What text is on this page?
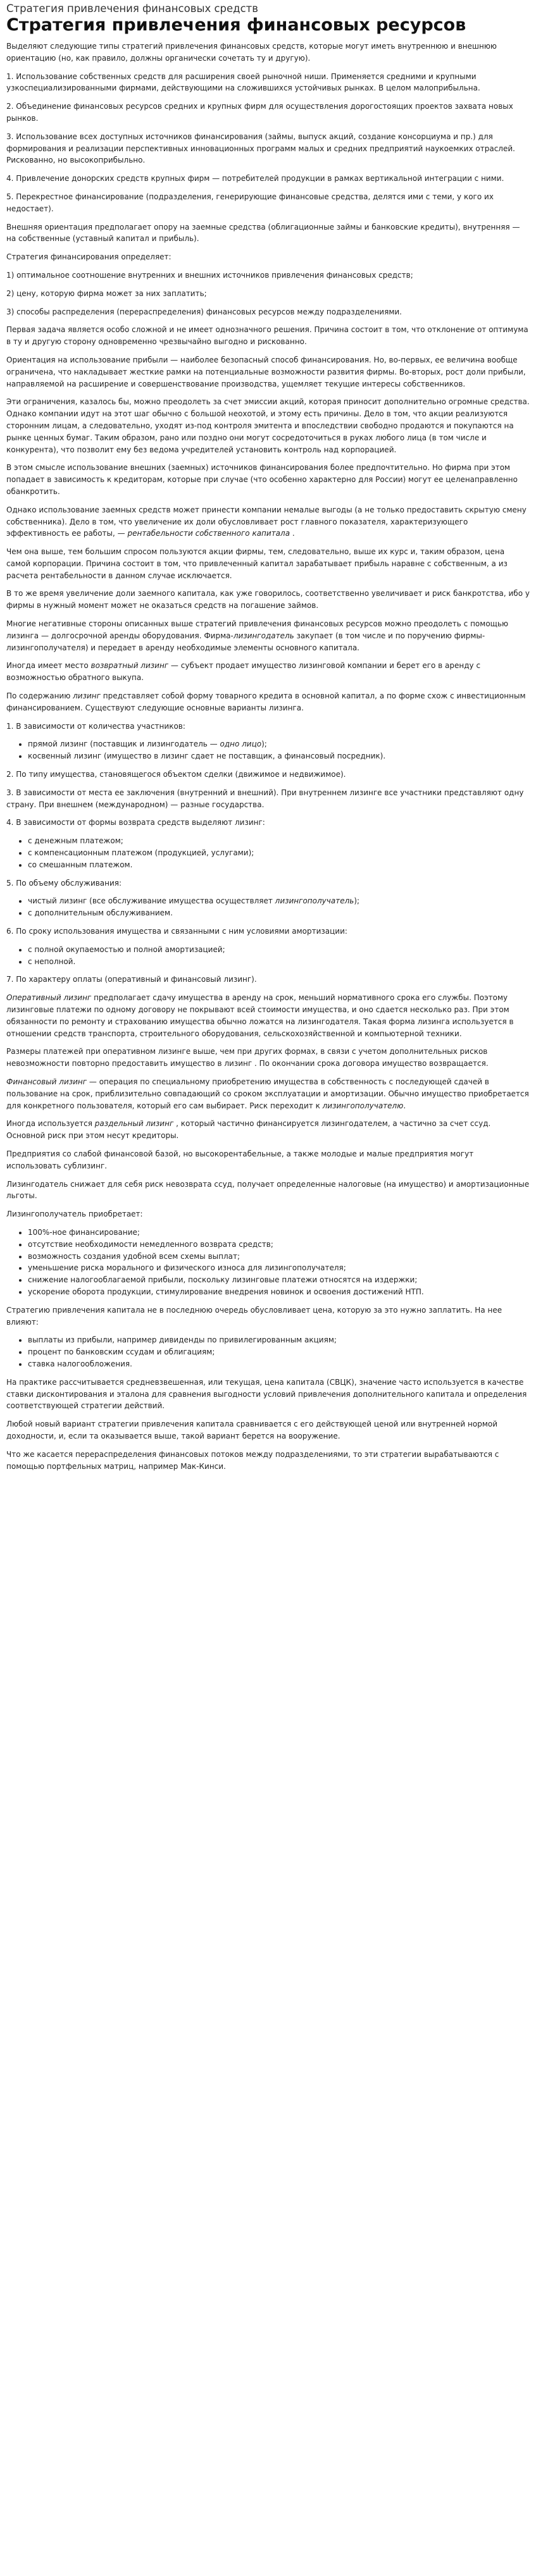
Стратегия привлечения финансовых средств
Стратегия привлечения финансовых ресурсов

Выделяют следующие типы стратегий привлечения финансовых средств, которые могут иметь внутреннюю и внешнюю ориентацию (но, как правило, должны органически сочетать ту и другую).

1. Использование собственных средств для расширения своей рыночной ниши. Применяется средними и крупными узкоспециализированными фирмами, действующими на сложившихся устойчивых рынках. В целом малоприбыльна.

2. Объединение финансовых ресурсов средних и крупных фирм для осуществления дорогостоящих проектов захвата новых рынков.

3. Использование всех доступных источников финансирования (займы, выпуск акций, создание консорциума и пр.) для формирования и реализации перспективных инновационных программ малых и средних предприятий наукоемких отраслей. Рискованно, но высокоприбыльно.

4. Привлечение донорских средств крупных фирм — потребителей продукции в рамках вертикальной интеграции с ними.

5. Перекрестное финансирование (подразделения, генерирующие финансовые средства, делятся ими с теми, у кого их недостает).

Внешняя ориентация предполагает опору на заемные средства (облигационные займы и банковские кредиты), внутренняя — на собственные (уставный капитал и прибыль).

Стратегия финансирования определяет:

1) оптимальное соотношение внутренних и внешних источников привлечения финансовых средств;

2) цену, которую фирма может за них заплатить;

3) способы распределения (перераспределения) финансовых ресурсов между подразделениями.

Первая задача является особо сложной и не имеет однозначного решения. Причина состоит в том, что отклонение от оптимума в ту и другую сторону одновременно чрезвычайно выгодно и рискованно.

Ориентация на использование прибыли — наиболее безопасный способ финансирования. Но, во-первых, ее величина вообще ограничена, что накладывает жесткие рамки на потенциальные возможности развития фирмы. Во-вторых, рост доли прибыли, направляемой на расширение и совершенствование производства, ущемляет текущие интересы собственников.

Эти ограничения, казалось бы, можно преодолеть за счет эмиссии акций, которая приносит дополнительно огромные средства. Однако компании идут на этот шаг обычно с большой неохотой, и этому есть причины. Дело в том, что акции реализуются сторонним лицам, а следовательно, уходят из-под контроля эмитента и впоследствии свободно продаются и покупаются на рынке ценных бумаг. Таким образом, рано или поздно они могут сосредоточиться в руках любого лица (в том числе и конкурента), что позволит ему без ведома учредителей установить контроль над корпорацией.

В этом смысле использование внешних (заемных) источников финансирования более предпочтительно. Но фирма при этом попадает в зависимость к кредиторам, которые при случае (что особенно характерно для России) могут ее целенаправленно обанкротить.

Однако использование заемных средств может принести компании немалые выгоды (а не только предоставить скрытую смену собственника). Дело в том, что увеличение их доли обусловливает рост главного показателя, характеризующего эффективность ее работы, — рентабельности собственного капитала .

Чем она выше, тем большим спросом пользуются акции фирмы, тем, следовательно, выше их курс и, таким образом, цена самой корпорации. Причина состоит в том, что привлеченный капитал зарабатывает прибыль наравне с собственным, а из расчета рентабельности в данном случае исключается.

В то же время увеличение доли заемного капитала, как уже говорилось, соответственно увеличивает и риск банкротства, ибо у фирмы в нужный момент может не оказаться средств на погашение займов.

Многие негативные стороны описанных выше стратегий привлечения финансовых ресурсов можно преодолеть с помощью лизинга — долгосрочной аренды оборудования. Фирма-лизингодатель закупает (в том числе и по поручению фирмы-лизингополучателя) и передает в аренду необходимые элементы основного капитала.

Иногда имеет место возвратный лизинг — субъект продает имущество лизинговой компании и берет его в аренду с возможностью обратного выкупа.

По содержанию лизинг представляет собой форму товарного кредита в основной капитал, а по форме схож с инвестиционным финансированием. Существуют следующие основные варианты лизинга.

1. В зависимости от количества участников:

• прямой лизинг (поставщик и лизингодатель — одно лицо);
• косвенный лизинг (имущество в лизинг сдает не поставщик, а финансовый посредник).

2. По типу имущества, становящегося объектом сделки (движимое и недвижимое).

3. В зависимости от места ее заключения (внутренний и внешний). При внутреннем лизинге все участники представляют одну страну. При внешнем (международном) — разные государства.

4. В зависимости от формы возврата средств выделяют лизинг:

• с денежным платежом;
• с компенсационным платежом (продукцией, услугами);
• со смешанным платежом.

5. По объему обслуживания:

• чистый лизинг (все обслуживание имущества осуществляет лизингополучатель);
• с дополнительным обслуживанием.

6. По сроку использования имущества и связанными с ним условиями амортизации:

• с полной окупаемостью и полной амортизацией;
• с неполной.

7. По характеру оплаты (оперативный и финансовый лизинг).

Оперативный лизинг предполагает сдачу имущества в аренду на срок, меньший нормативного срока его службы. Поэтому лизинговые платежи по одному договору не покрывают всей стоимости имущества, и оно сдается несколько раз. При этом обязанности по ремонту и страхованию имущества обычно ложатся на лизингодателя. Такая форма лизинга используется в отношении средств транспорта, строительного оборудования, сельскохозяйственной и компьютерной техники.

Размеры платежей при оперативном лизинге выше, чем при других формах, в связи с учетом дополнительных рисков невозможности повторно предоставить имущество в лизинг . По окончании срока договора имущество возвращается.

Финансовый лизинг — операция по специальному приобретению имущества в собственность с последующей сдачей в пользование на срок, приблизительно совпадающий со сроком эксплуатации и амортизации. Обычно имущество приобретается для конкретного пользователя, который его сам выбирает. Риск переходит к лизингополучателю.

Иногда используется раздельный лизинг , который частично финансируется лизингодателем, а частично за счет ссуд. Основной риск при этом несут кредиторы.

Предприятия со слабой финансовой базой, но высокорентабельные, а также молодые и малые предприятия могут использовать сублизинг.

Лизингодатель снижает для себя риск невозврата ссуд, получает определенные налоговые (на имущество) и амортизационные льготы.

Лизингополучатель приобретает:

• 100%-ное финансирование;
• отсутствие необходимости немедленного возврата средств;
• возможность создания удобной всем схемы выплат;
• уменьшение риска морального и физического износа для лизингополучателя;
• снижение налогооблагаемой прибыли, поскольку лизинговые платежи относятся на издержки;
• ускорение оборота продукции, стимулирование внедрения новинок и освоения достижений НТП.

Стратегию привлечения капитала не в последнюю очередь обусловливает цена, которую за это нужно заплатить. На нее влияют:

• выплаты из прибыли, например дивиденды по привилегированным акциям;
• процент по банковским ссудам и облигациям;
• ставка налогообложения.

На практике рассчитывается средневзвешенная, или текущая, цена капитала (СВЦК), значение часто используется в качестве ставки дисконтирования и эталона для сравнения выгодности условий привлечения дополнительного капитала и определения соответствующей стратегии действий.

Любой новый вариант стратегии привлечения капитала сравнивается с его действующей ценой или внутренней нормой доходности, и, если та оказывается выше, такой вариант берется на вооружение.

Что же касается перераспределения финансовых потоков между подразделениями, то эти стратегии вырабатываются с помощью портфельных матриц, например Мак-Кинси.
